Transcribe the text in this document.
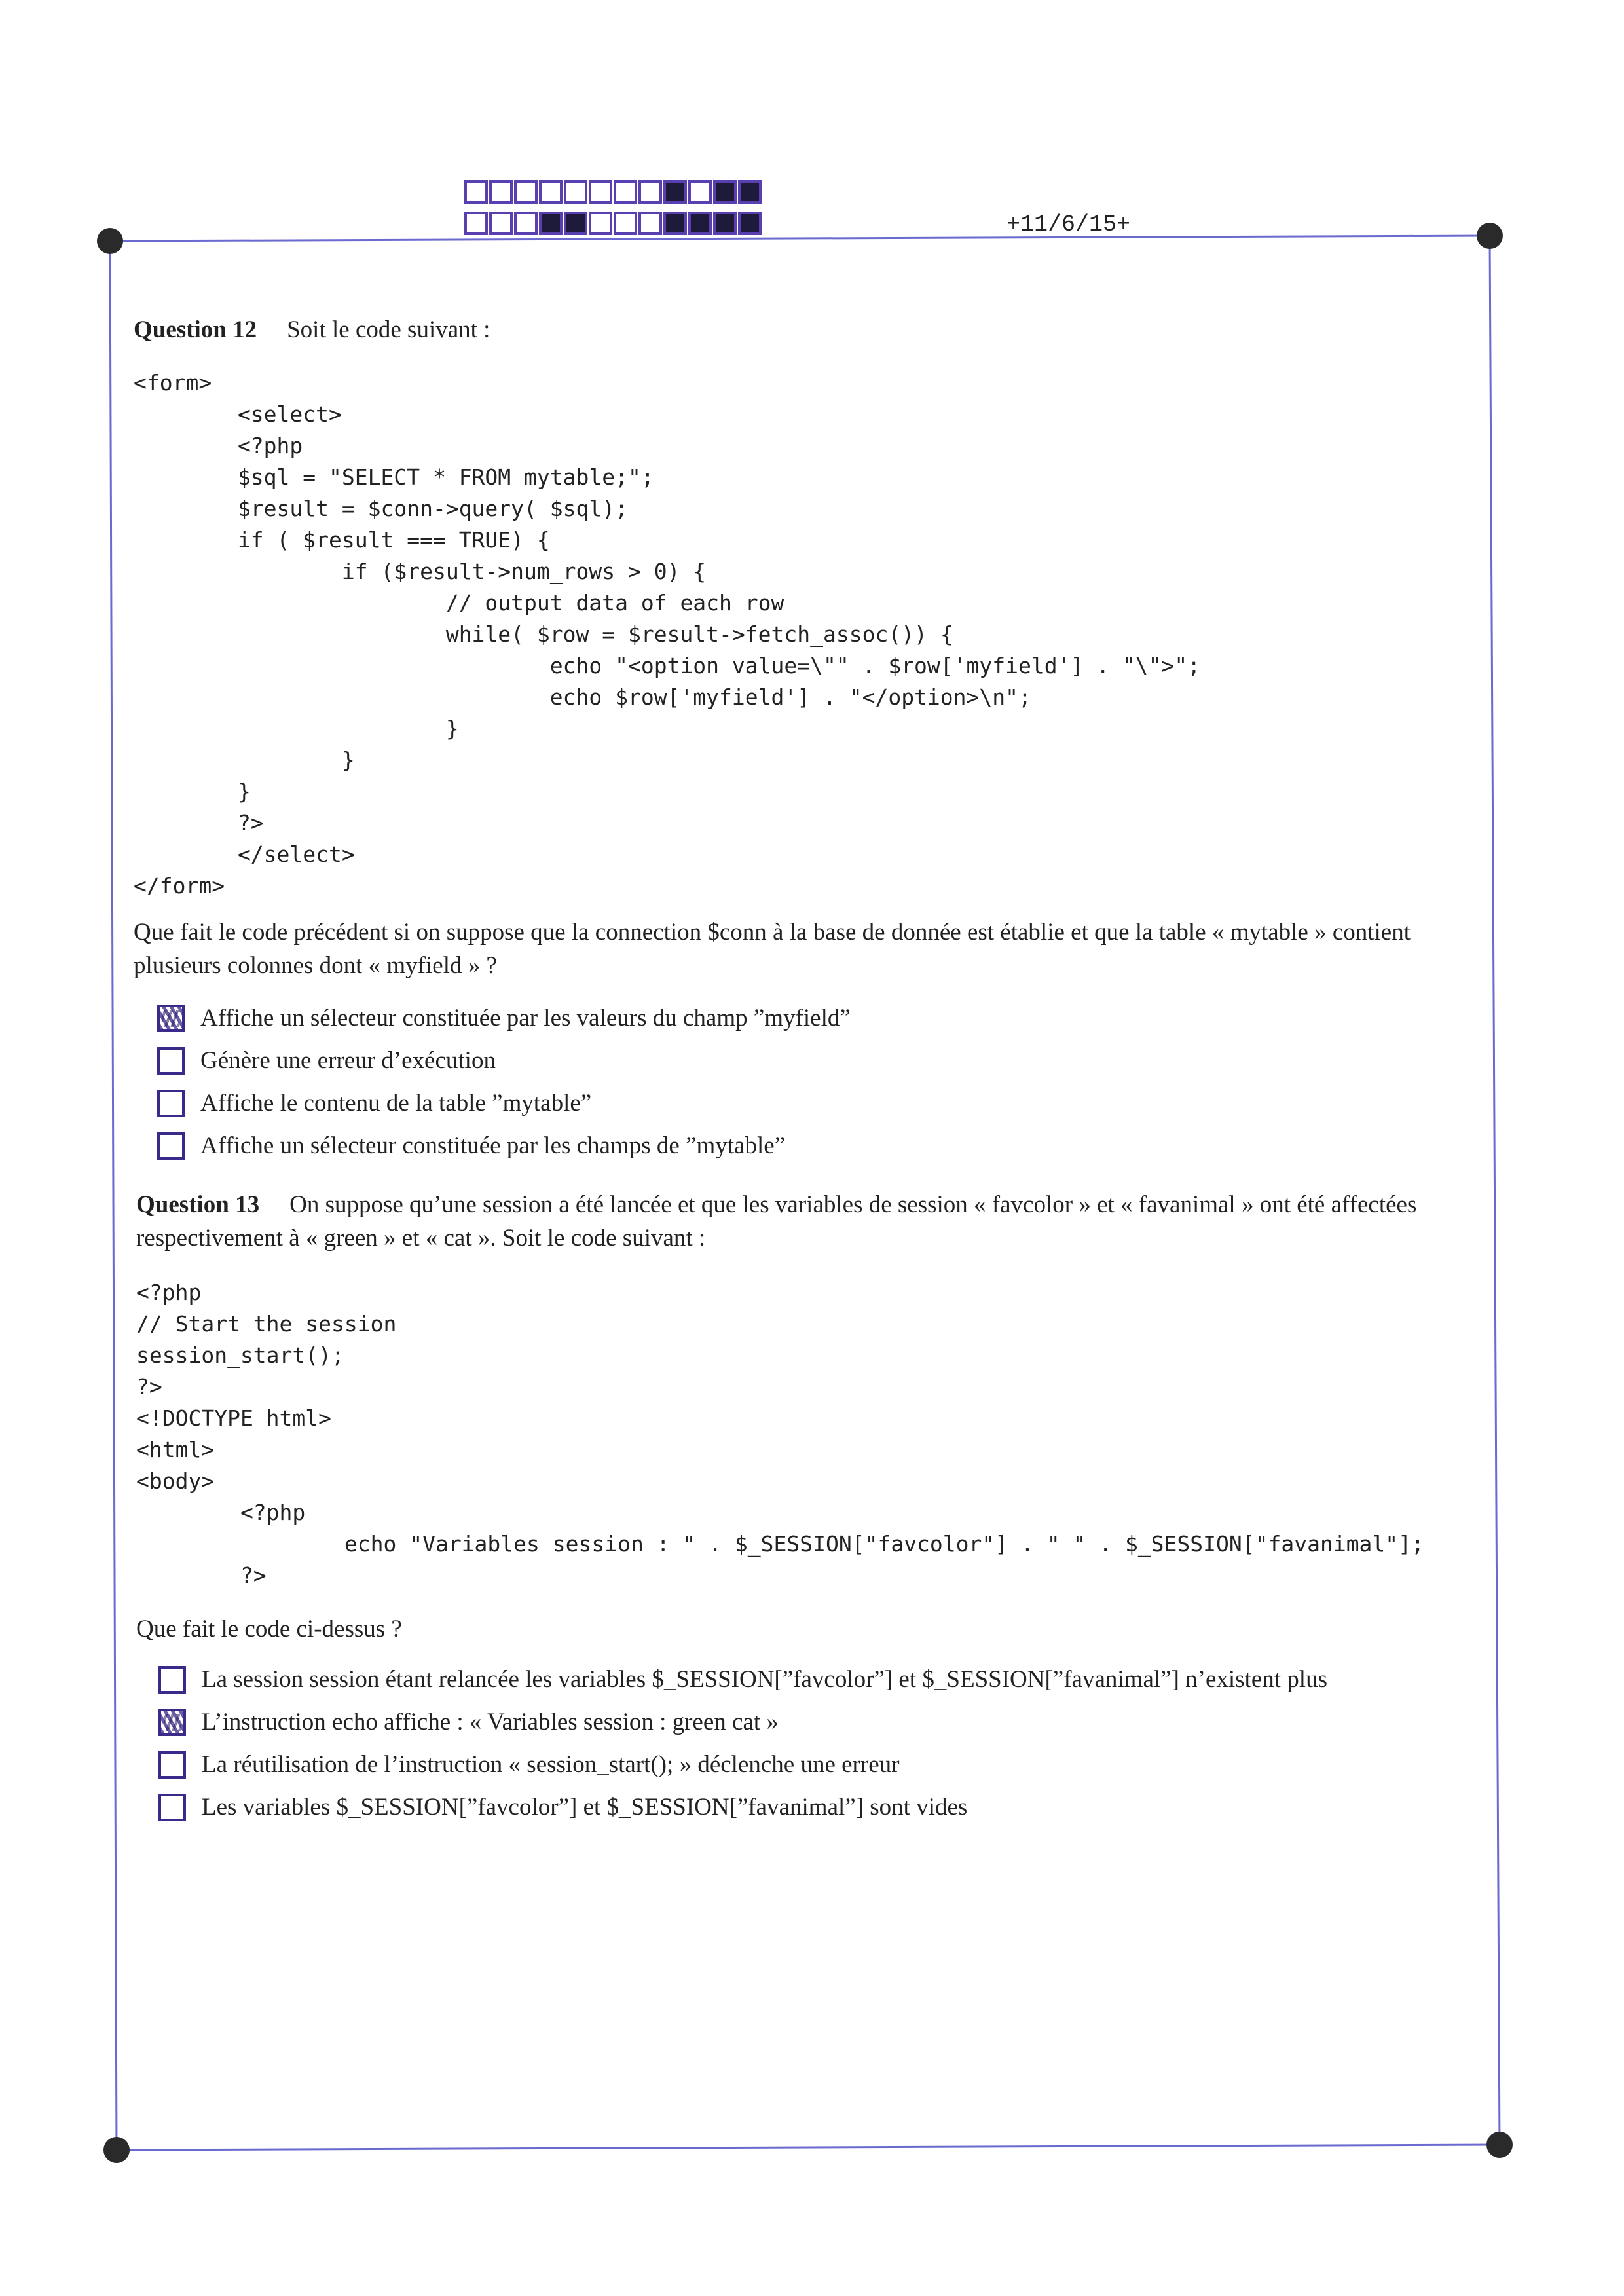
+11/6/15+
Question 12 Soit le code suivant :
<form>
<select>
<?php
$sql = "SELECT * FROM mytable;";
$result = $conn->query( $sql);
if ( $result === TRUE) {
if ($result->num_rows > 0) {
// output data of each row
while( $row = $result->fetch_assoc()) {
echo "<option value=\"" . $row['myfield'] . "\">";
echo $row['myfield'] . "</option>\n";
}
}
}
?>
</select>
</form>
Que fait le code précédent si on suppose que la connection $conn à la base de donnée est établie et que la table « mytable » contient plusieurs colonnes dont « myfield » ?
Affiche un sélecteur constituée par les valeurs du champ ”myfield”
Génère une erreur d’exécution
Affiche le contenu de la table ”mytable”
Affiche un sélecteur constituée par les champs de ”mytable”
Question 13 On suppose qu’une session a été lancée et que les variables de session « favcolor » et « favanimal » ont été affectées respectivement à « green » et « cat ». Soit le code suivant :
<?php
// Start the session
session_start();
?>
<!DOCTYPE html>
<html>
<body>
<?php
echo "Variables session : " . $_SESSION["favcolor"] . " " . $_SESSION["favanimal"];
?>
Que fait le code ci-dessus ?
La session session étant relancée les variables $_SESSION[”favcolor”] et $_SESSION[”favanimal”] n’existent plus
L’instruction echo affiche : « Variables session : green cat »
La réutilisation de l’instruction « session_start(); » déclenche une erreur
Les variables $_SESSION[”favcolor”] et $_SESSION[”favanimal”] sont vides
